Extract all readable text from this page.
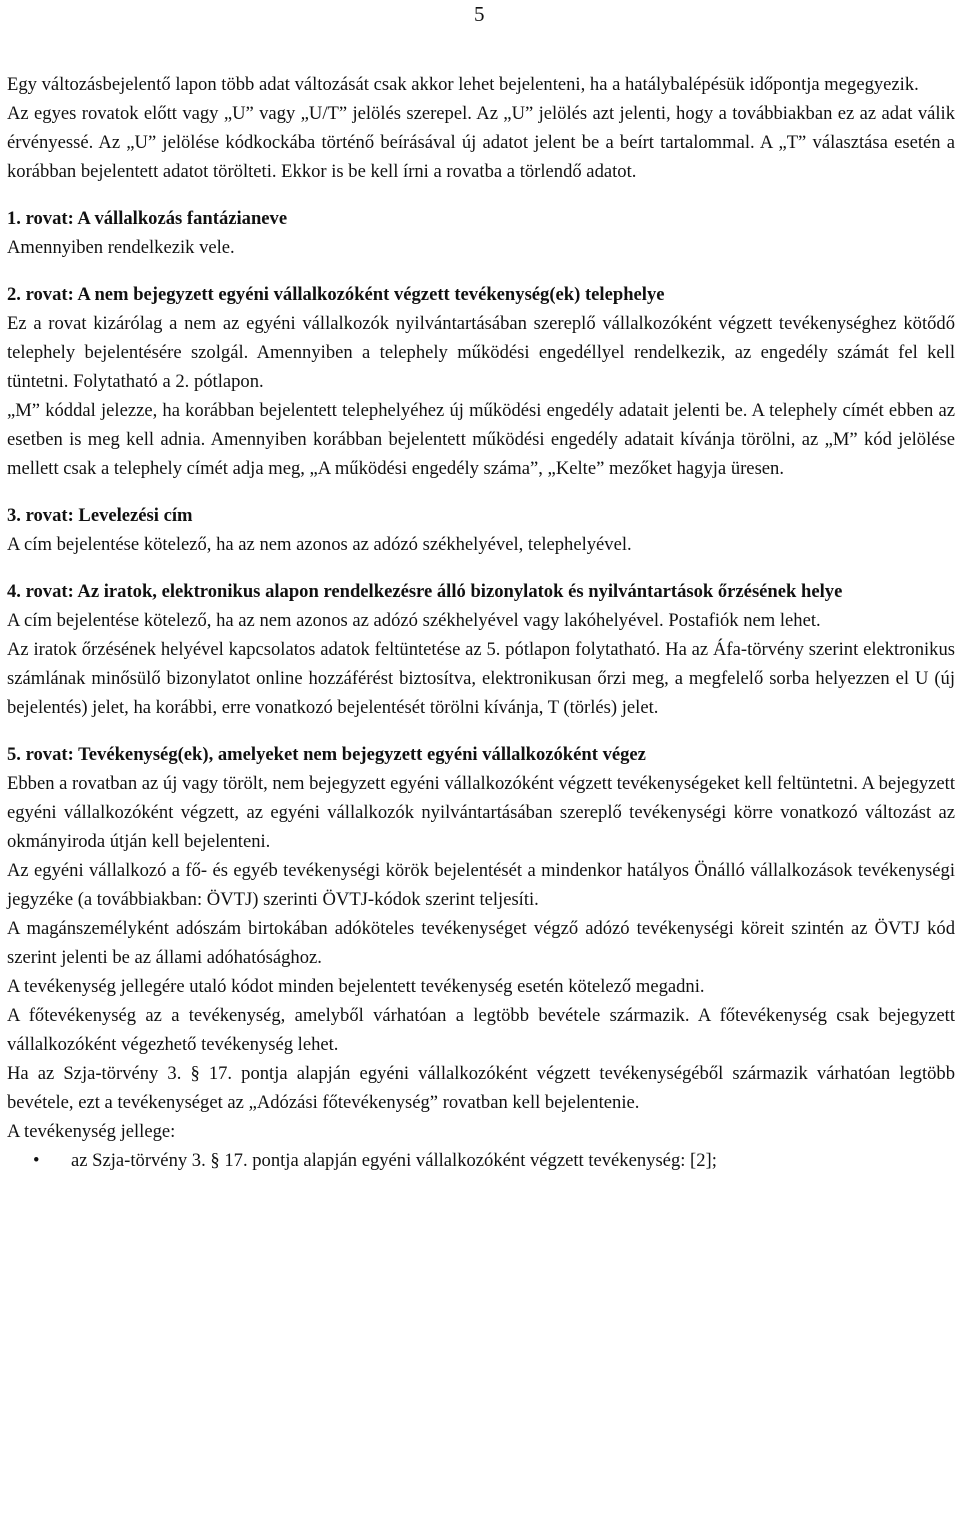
5

Egy változásbejelentő lapon több adat változását csak akkor lehet bejelenteni, ha a hatálybalépésük időpontja megegyezik.

Az egyes rovatok előtt vagy „U” vagy „U/T” jelölés szerepel. Az „U” jelölés azt jelenti, hogy a továbbiakban ez az adat válik érvényessé. Az „U” jelölése kódkockába történő beírásával új adatot jelent be a beírt tartalommal. A „T” választása esetén a korábban bejelentett adatot törölteti. Ekkor is be kell írni a rovatba a törlendő adatot.

1. rovat: A vállalkozás fantázianeve

Amennyiben rendelkezik vele.

2. rovat: A nem bejegyzett egyéni vállalkozóként végzett tevékenység(ek) telephelye

Ez a rovat kizárólag a nem az egyéni vállalkozók nyilvántartásában szereplő vállalkozóként végzett tevékenységhez kötődő telephely bejelentésére szolgál. Amennyiben a telephely működési engedéllyel rendelkezik, az engedély számát fel kell tüntetni. Folytatható a 2. pótlapon.

„M” kóddal jelezze, ha korábban bejelentett telephelyéhez új működési engedély adatait jelenti be. A telephely címét ebben az esetben is meg kell adnia. Amennyiben korábban bejelentett működési engedély adatait kívánja törölni, az „M” kód jelölése mellett csak a telephely címét adja meg, „A működési engedély száma”, „Kelte” mezőket hagyja üresen.

3. rovat: Levelezési cím

A cím bejelentése kötelező, ha az nem azonos az adózó székhelyével, telephelyével.

4. rovat: Az iratok, elektronikus alapon rendelkezésre álló bizonylatok és nyilvántartások őrzésének helye

A cím bejelentése kötelező, ha az nem azonos az adózó székhelyével vagy lakóhelyével. Postafiók nem lehet.

Az iratok őrzésének helyével kapcsolatos adatok feltüntetése az 5. pótlapon folytatható. Ha az Áfa-törvény szerint elektronikus számlának minősülő bizonylatot online hozzáférést biztosítva, elektronikusan őrzi meg, a megfelelő sorba helyezzen el U (új bejelentés) jelet, ha korábbi, erre vonatkozó bejelentését törölni kívánja, T (törlés) jelet.

5. rovat: Tevékenység(ek), amelyeket nem bejegyzett egyéni vállalkozóként végez

Ebben a rovatban az új vagy törölt, nem bejegyzett egyéni vállalkozóként végzett tevékenységeket kell feltüntetni. A bejegyzett egyéni vállalkozóként végzett, az egyéni vállalkozók nyilvántartásában szereplő tevékenységi körre vonatkozó változást az okmányiroda útján kell bejelenteni.

Az egyéni vállalkozó a fő- és egyéb tevékenységi körök bejelentését a mindenkor hatályos Önálló vállalkozások tevékenységi jegyzéke (a továbbiakban: ÖVTJ) szerinti ÖVTJ-kódok szerint teljesíti.

A magánszemélyként adószám birtokában adóköteles tevékenységet végző adózó tevékenységi köreit szintén az ÖVTJ kód szerint jelenti be az állami adóhatósághoz.

A tevékenység jellegére utaló kódot minden bejelentett tevékenység esetén kötelező megadni.

A főtevékenység az a tevékenység, amelyből várhatóan a legtöbb bevétele származik. A főtevékenység csak bejegyzett vállalkozóként végezhető tevékenység lehet.

Ha az Szja-törvény 3. § 17. pontja alapján egyéni vállalkozóként végzett tevékenységéből származik várhatóan legtöbb bevétele, ezt a tevékenységet az „Adózási főtevékenység” rovatban kell bejelentenie.

A tevékenység jellege:

• az Szja-törvény 3. § 17. pontja alapján egyéni vállalkozóként végzett tevékenység: [2];
